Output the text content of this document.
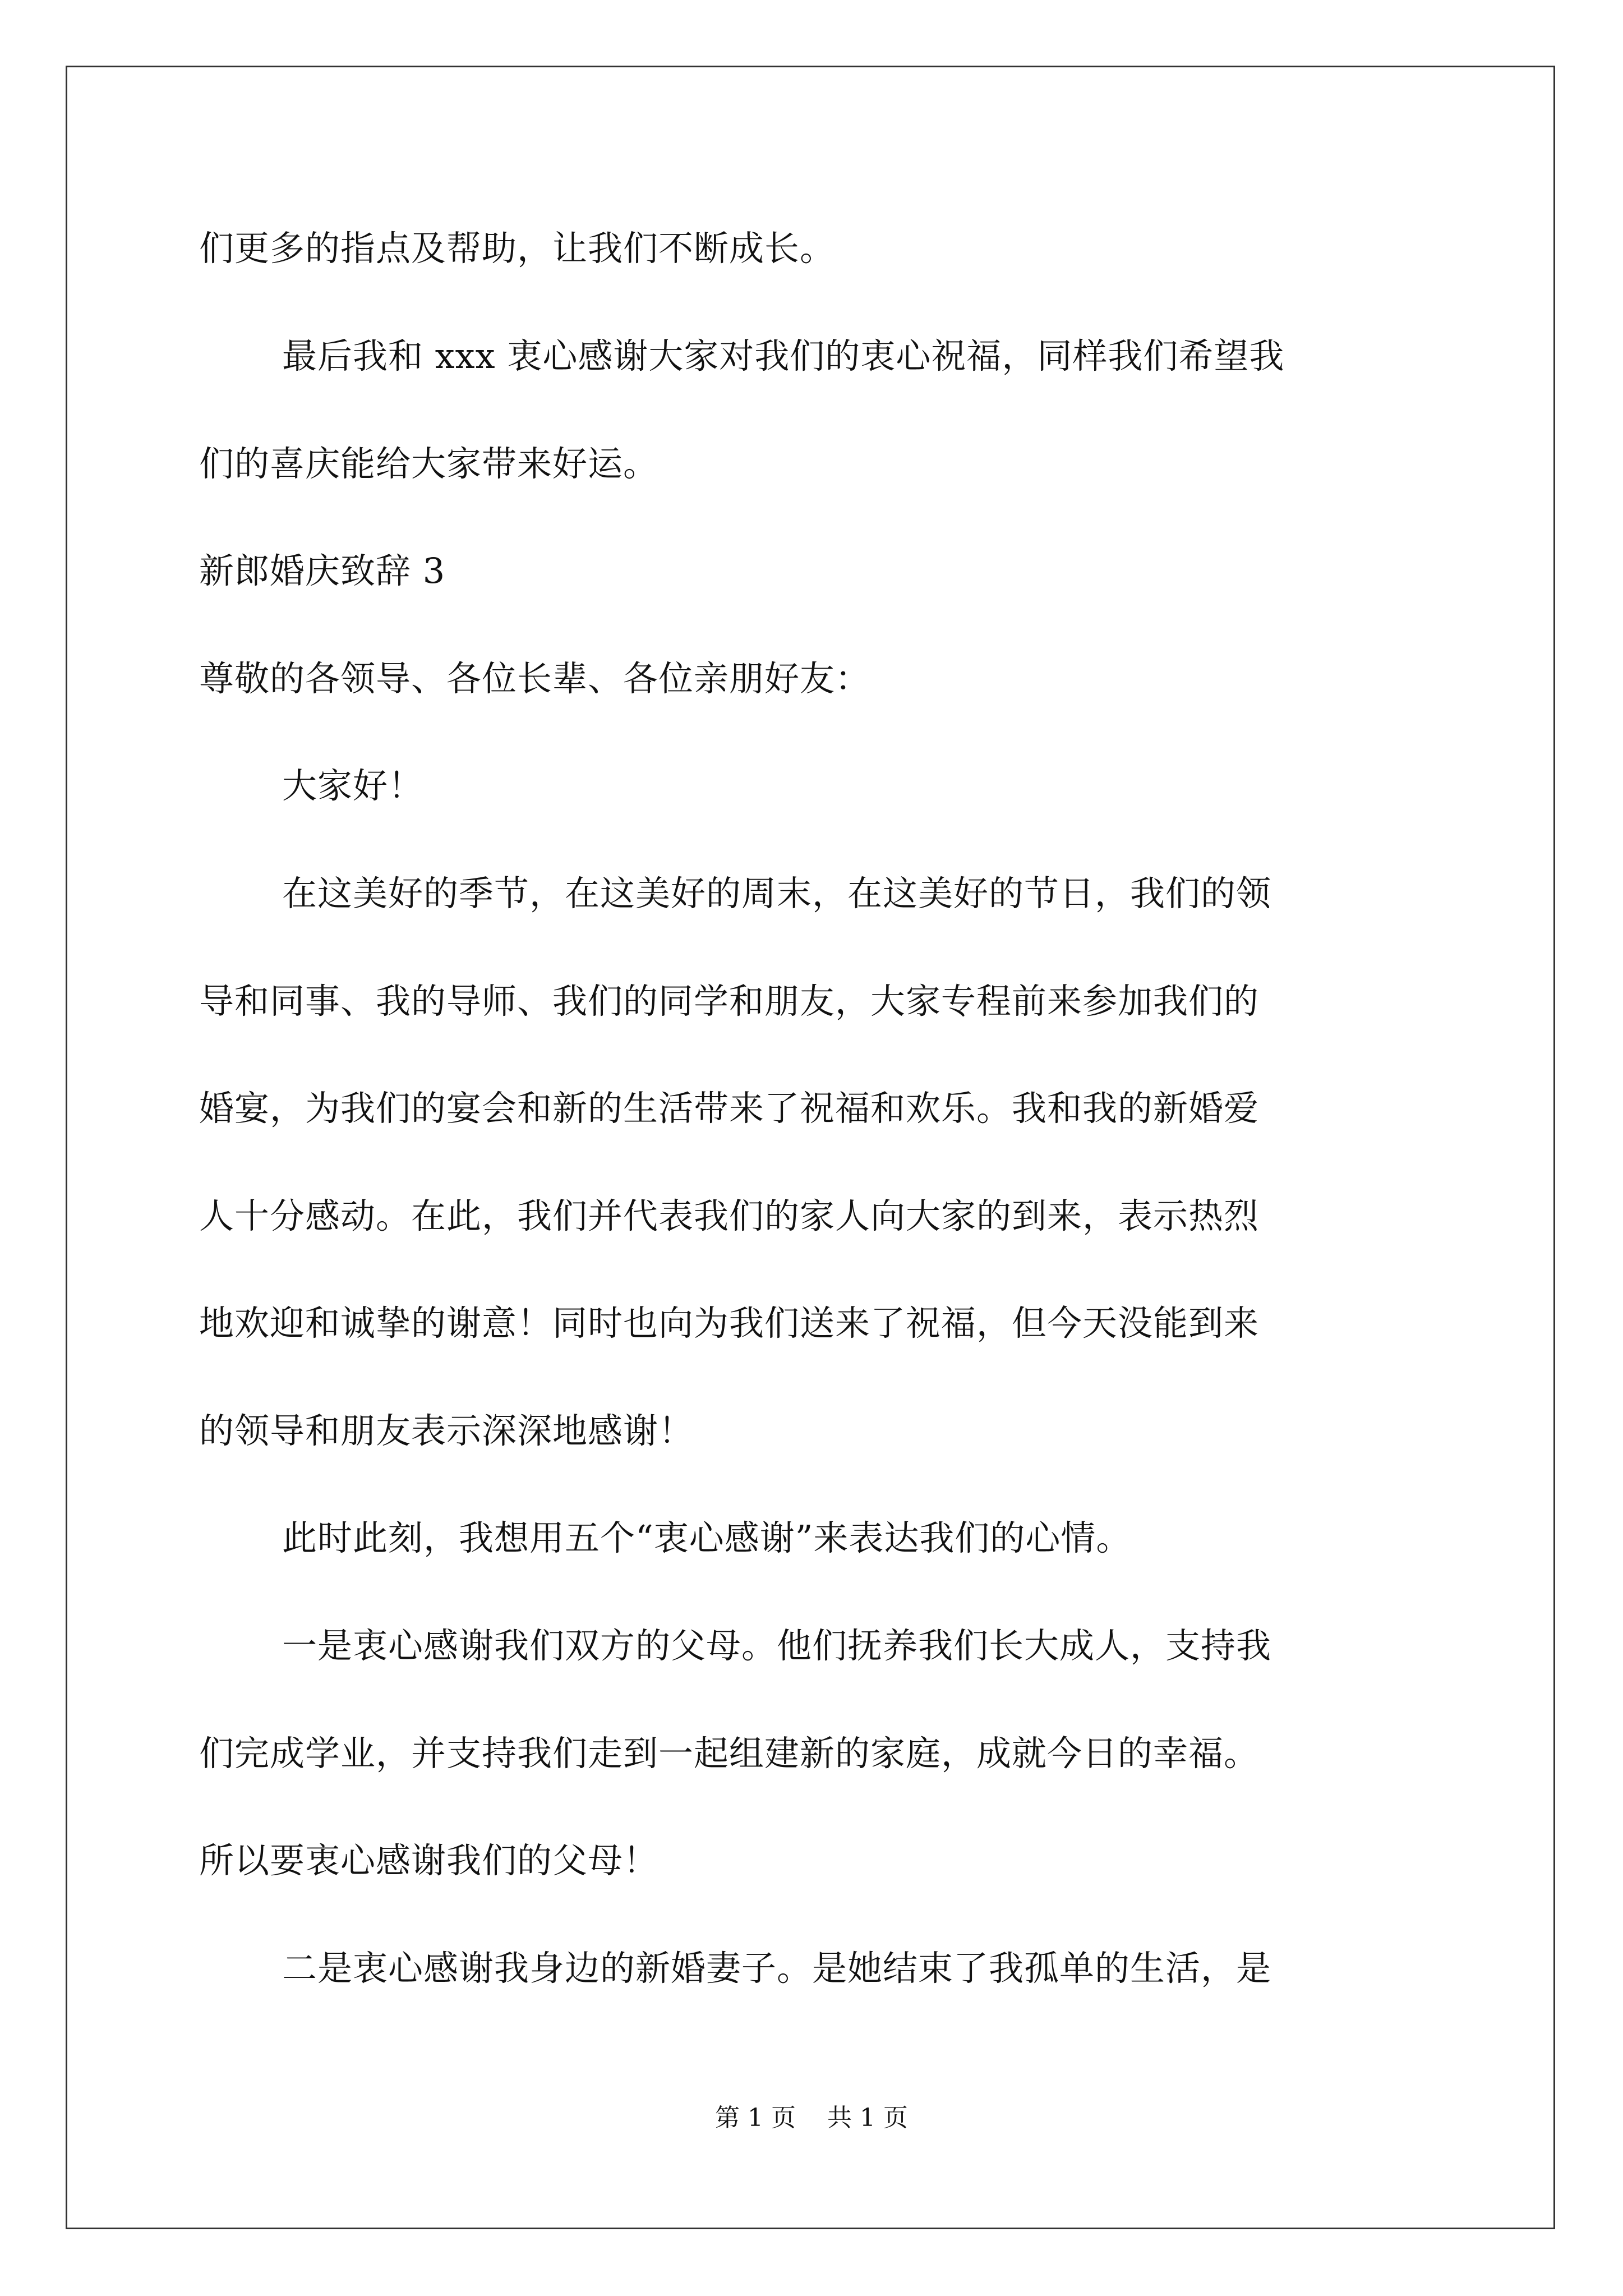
们更多的指点及帮助，让我们不断成长。
最后我和 xxx 衷心感谢大家对我们的衷心祝福，同样我们希望我
们的喜庆能给大家带来好运。
新郎婚庆致辞 3
尊敬的各领导、各位长辈、各位亲朋好友：
大家好！
在这美好的季节，在这美好的周末，在这美好的节日，我们的领
导和同事、我的导师、我们的同学和朋友，大家专程前来参加我们的
婚宴，为我们的宴会和新的生活带来了祝福和欢乐。我和我的新婚爱
人十分感动。在此，我们并代表我们的家人向大家的到来，表示热烈
地欢迎和诚挚的谢意！同时也向为我们送来了祝福，但今天没能到来
的领导和朋友表示深深地感谢！
此时此刻，我想用五个“衷心感谢”来表达我们的心情。
一是衷心感谢我们双方的父母。他们抚养我们长大成人，支持我
们完成学业，并支持我们走到一起组建新的家庭，成就今日的幸福。
所以要衷心感谢我们的父母！
二是衷心感谢我身边的新婚妻子。是她结束了我孤单的生活，是
第 1 页    共 1 页
